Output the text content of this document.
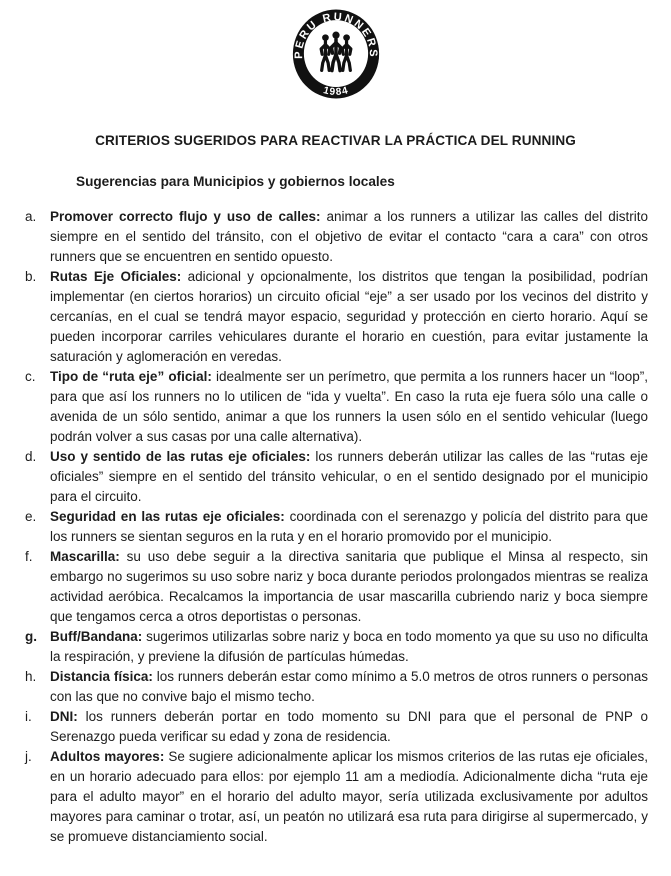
PERU RUNNERS
1984
CRITERIOS SUGERIDOS PARA REACTIVAR LA PRÁCTICA DEL RUNNING
Sugerencias para Municipios y gobiernos locales
a.	Promover correcto flujo y uso de calles: animar a los runners a utilizar las calles del distrito siempre en el sentido del tránsito, con el objetivo de evitar el contacto “cara a cara” con otros runners que se encuentren en sentido opuesto.
b.	Rutas Eje Oficiales: adicional y opcionalmente, los distritos que tengan la posibilidad, podrían implementar (en ciertos horarios) un circuito oficial “eje” a ser usado por los vecinos del distrito y cercanías, en el cual se tendrá mayor espacio, seguridad y protección en cierto horario. Aquí se pueden incorporar carriles vehiculares durante el horario en cuestión, para evitar justamente la saturación y aglomeración en veredas.
c.	Tipo de “ruta eje” oficial: idealmente ser un perímetro, que permita a los runners hacer un “loop”, para que así los runners no lo utilicen de “ida y vuelta”. En caso la ruta eje fuera sólo una calle o avenida de un sólo sentido, animar a que los runners la usen sólo en el sentido vehicular (luego podrán volver a sus casas por una calle alternativa).
d.	Uso y sentido de las rutas eje oficiales: los runners deberán utilizar las calles de las “rutas eje oficiales” siempre en el sentido del tránsito vehicular, o en el sentido designado por el municipio para el circuito.
e.	Seguridad en las rutas eje oficiales: coordinada con el serenazgo y policía del distrito para que los runners se sientan seguros en la ruta y en el horario promovido por el municipio.
f.	Mascarilla: su uso debe seguir a la directiva sanitaria que publique el Minsa al respecto, sin embargo no sugerimos su uso sobre nariz y boca durante periodos prolongados mientras se realiza actividad aeróbica. Recalcamos la importancia de usar mascarilla cubriendo nariz y boca siempre que tengamos cerca a otros deportistas o personas.
g. Buff/Bandana: sugerimos utilizarlas sobre nariz y boca en todo momento ya que su uso no dificulta la respiración, y previene la difusión de partículas húmedas.
h.	Distancia física: los runners deberán estar como mínimo a 5.0 metros de otros runners o personas con las que no convive bajo el mismo techo.
i.	DNI: los runners deberán portar en todo momento su DNI para que el personal de PNP o Serenazgo pueda verificar su edad y zona de residencia.
j.	Adultos mayores: Se sugiere adicionalmente aplicar los mismos criterios de las rutas eje oficiales, en un horario adecuado para ellos: por ejemplo 11 am a mediodía. Adicionalmente dicha “ruta eje para el adulto mayor” en el horario del adulto mayor, sería utilizada exclusivamente por adultos mayores para caminar o trotar, así, un peatón no utilizará esa ruta para dirigirse al supermercado, y se promueve distanciamiento social.
